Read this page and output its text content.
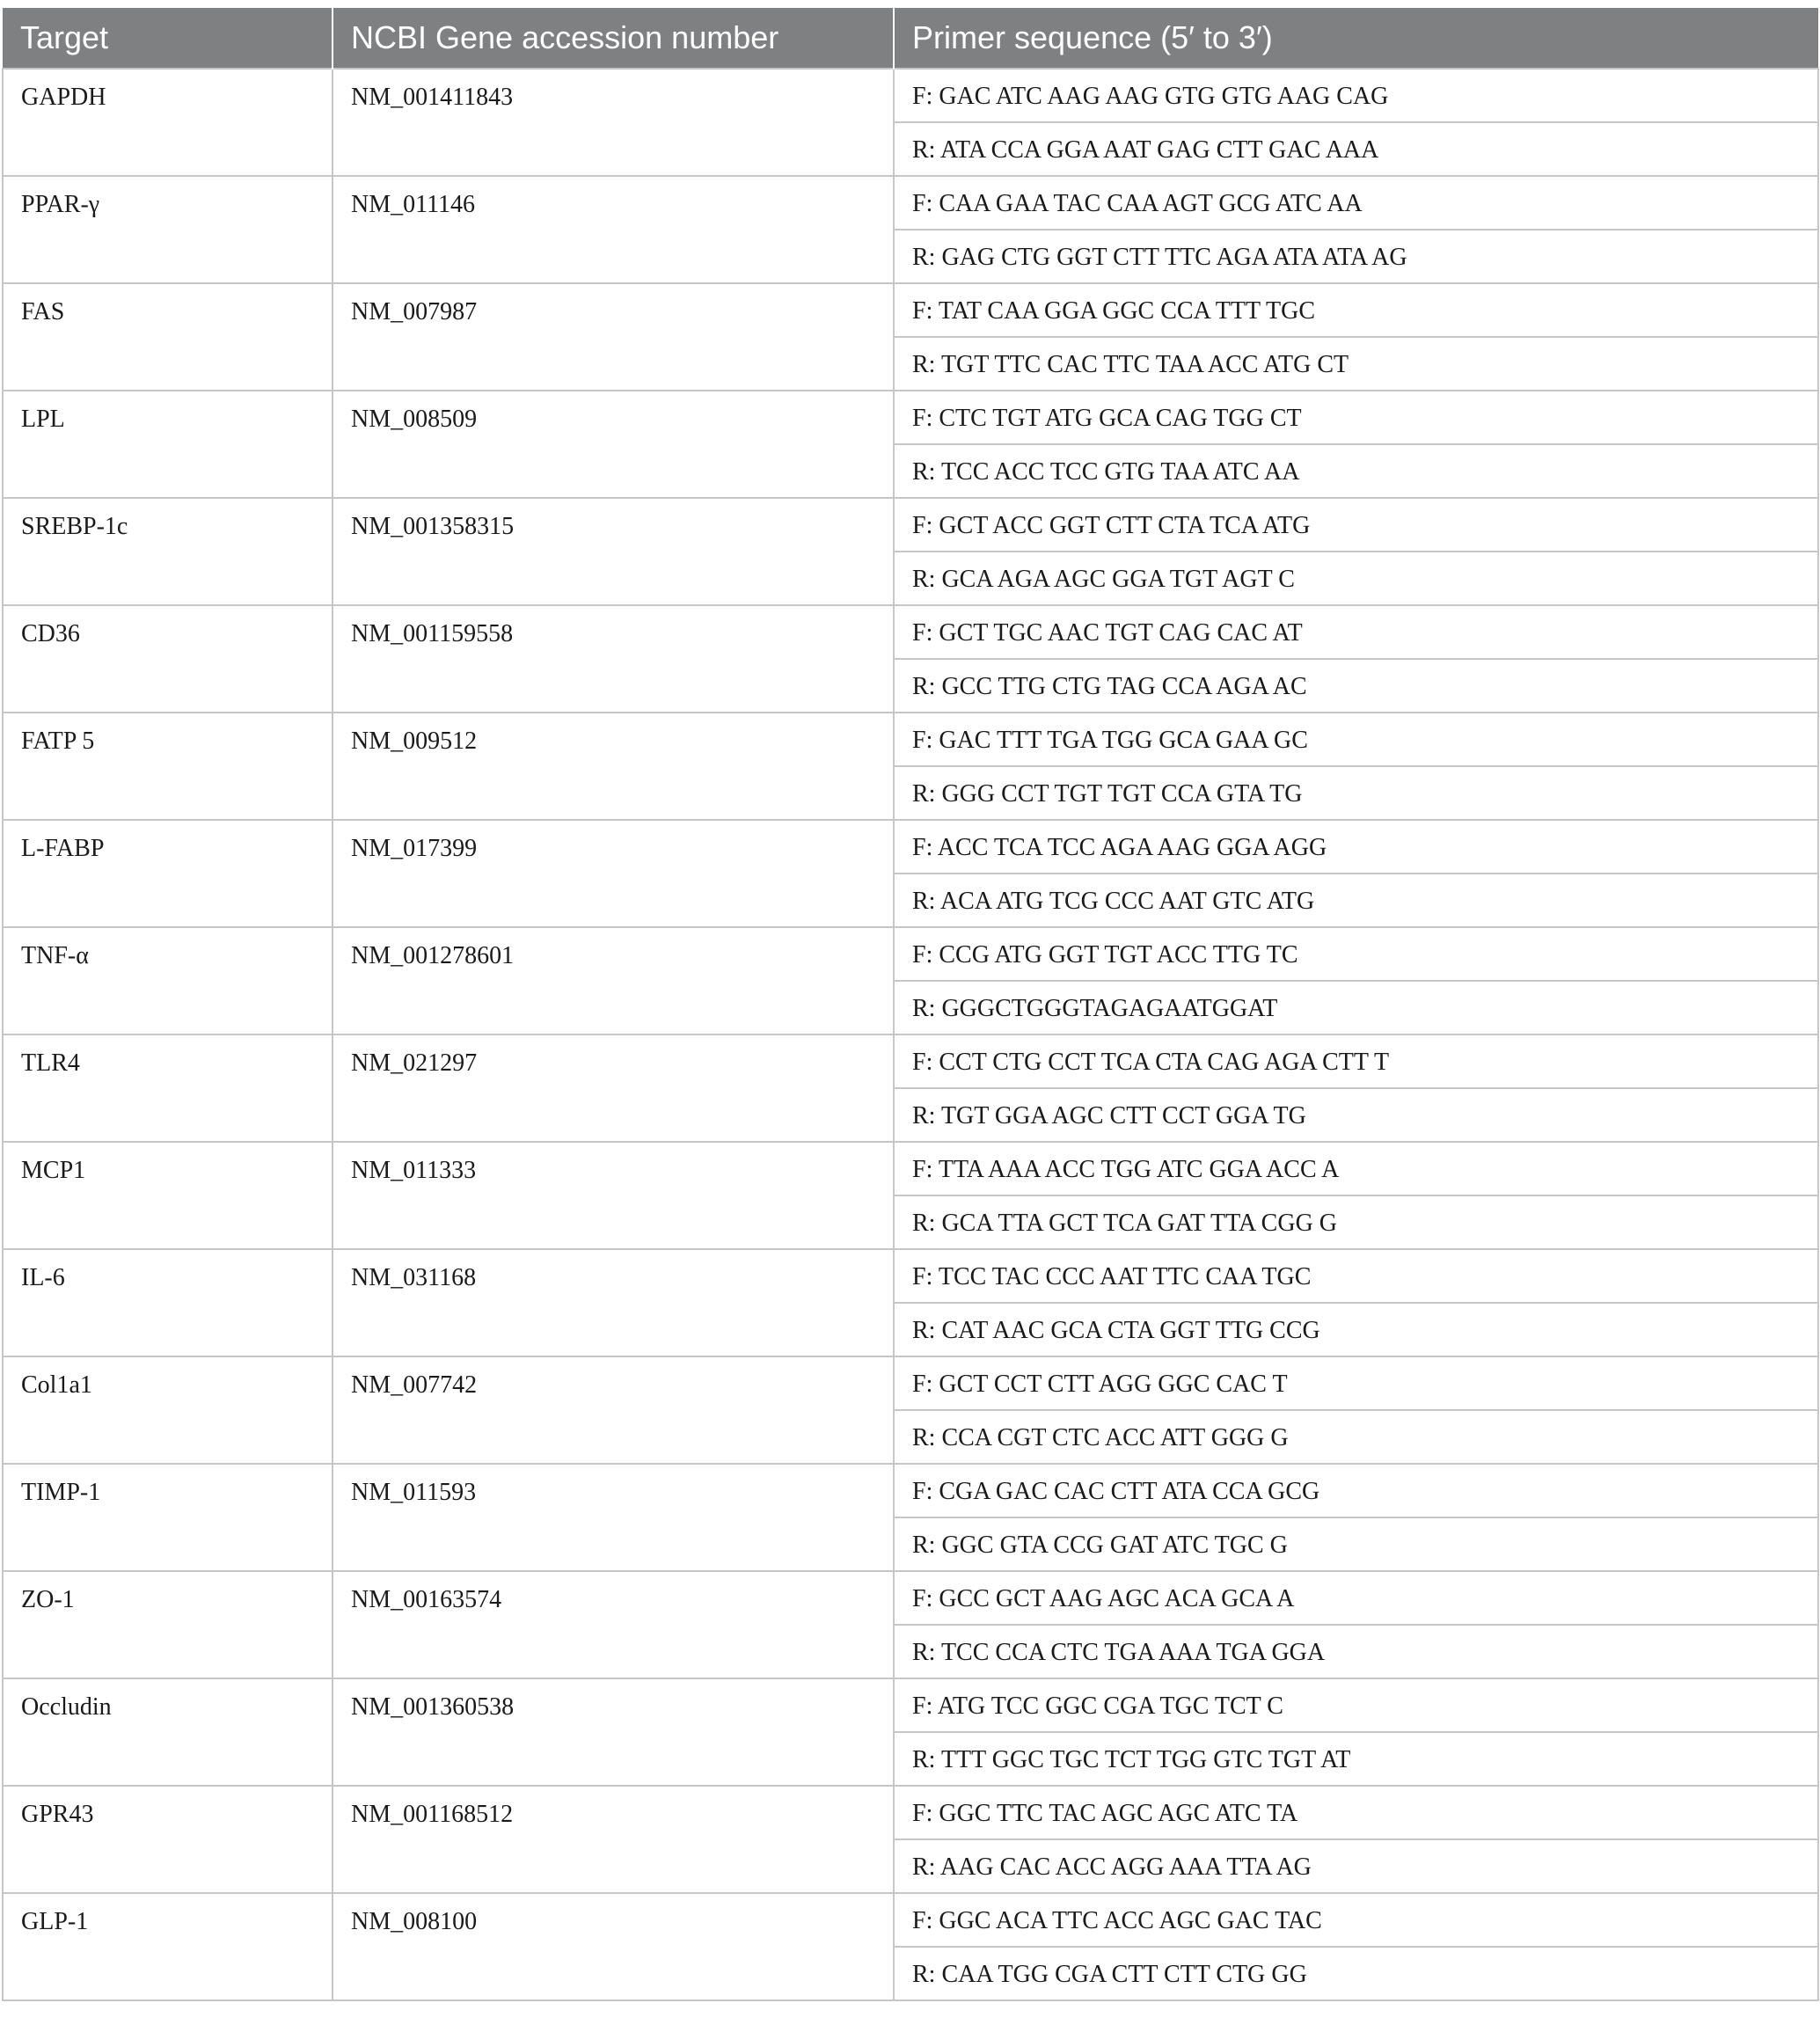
Target	NCBI Gene accession number	Primer sequence (5′ to 3′)
GAPDH	NM_001411843	F: GAC ATC AAG AAG GTG GTG AAG CAG
		R: ATA CCA GGA AAT GAG CTT GAC AAA
PPAR-γ	NM_011146	F: CAA GAA TAC CAA AGT GCG ATC AA
		R: GAG CTG GGT CTT TTC AGA ATA ATA AG
FAS	NM_007987	F: TAT CAA GGA GGC CCA TTT TGC
		R: TGT TTC CAC TTC TAA ACC ATG CT
LPL	NM_008509	F: CTC TGT ATG GCA CAG TGG CT
		R: TCC ACC TCC GTG TAA ATC AA
SREBP-1c	NM_001358315	F: GCT ACC GGT CTT CTA TCA ATG
		R: GCA AGA AGC GGA TGT AGT C
CD36	NM_001159558	F: GCT TGC AAC TGT CAG CAC AT
		R: GCC TTG CTG TAG CCA AGA AC
FATP 5	NM_009512	F: GAC TTT TGA TGG GCA GAA GC
		R: GGG CCT TGT TGT CCA GTA TG
L-FABP	NM_017399	F: ACC TCA TCC AGA AAG GGA AGG
		R: ACA ATG TCG CCC AAT GTC ATG
TNF-α	NM_001278601	F: CCG ATG GGT TGT ACC TTG TC
		R: GGGCTGGGTAGAGAATGGAT
TLR4	NM_021297	F: CCT CTG CCT TCA CTA CAG AGA CTT T
		R: TGT GGA AGC CTT CCT GGA TG
MCP1	NM_011333	F: TTA AAA ACC TGG ATC GGA ACC A
		R: GCA TTA GCT TCA GAT TTA CGG G
IL-6	NM_031168	F: TCC TAC CCC AAT TTC CAA TGC
		R: CAT AAC GCA CTA GGT TTG CCG
Col1a1	NM_007742	F: GCT CCT CTT AGG GGC CAC T
		R: CCA CGT CTC ACC ATT GGG G
TIMP-1	NM_011593	F: CGA GAC CAC CTT ATA CCA GCG
		R: GGC GTA CCG GAT ATC TGC G
ZO-1	NM_00163574	F: GCC GCT AAG AGC ACA GCA A
		R: TCC CCA CTC TGA AAA TGA GGA
Occludin	NM_001360538	F: ATG TCC GGC CGA TGC TCT C
		R: TTT GGC TGC TCT TGG GTC TGT AT
GPR43	NM_001168512	F: GGC TTC TAC AGC AGC ATC TA
		R: AAG CAC ACC AGG AAA TTA AG
GLP-1	NM_008100	F: GGC ACA TTC ACC AGC GAC TAC
		R: CAA TGG CGA CTT CTT CTG GG
